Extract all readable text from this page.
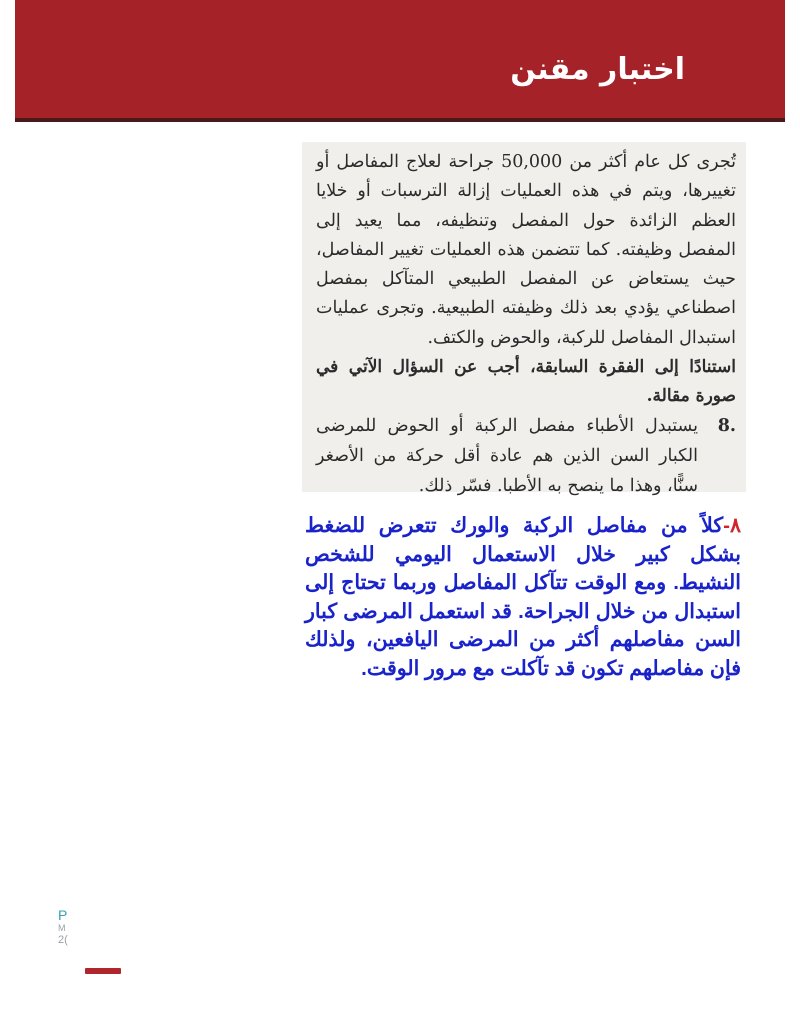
اختبار مقنن

تُجرى كل عام أكثر من 50,000 جراحة لعلاج المفاصل أو تغييرها، ويتم في هذه العمليات إزالة الترسبات أو خلايا العظم الزائدة حول المفصل وتنظيفه، مما يعيد إلى المفصل وظيفته. كما تتضمن هذه العمليات تغيير المفاصل، حيث يستعاض عن المفصل الطبيعي المتآكل بمفصل اصطناعي يؤدي بعد ذلك وظيفته الطبيعية. وتجرى عمليات استبدال المفاصل للركبة، والحوض والكتف.

استنادًا إلى الفقرة السابقة، أجب عن السؤال الآتي في صورة مقالة.

8.
يستبدل الأطباء مفصل الركبة أو الحوض للمرضى الكبار السن الذين هم عادة أقل حركة من الأصغر سنًّا، وهذا ما ينصح به الأطبا. فسّر ذلك.

٨-كلاً من مفاصل الركبة والورك تتعرض للضغط بشكل كبير خلال الاستعمال اليومي للشخص النشيط. ومع الوقت تتآكل المفاصل وربما تحتاج إلى استبدال من خلال الجراحة. قد استعمل المرضى كبار السن مفاصلهم أكثر من المرضى اليافعين، ولذلك فإن مفاصلهم تكون قد تآكلت مع مرور الوقت.

P
M
2(
